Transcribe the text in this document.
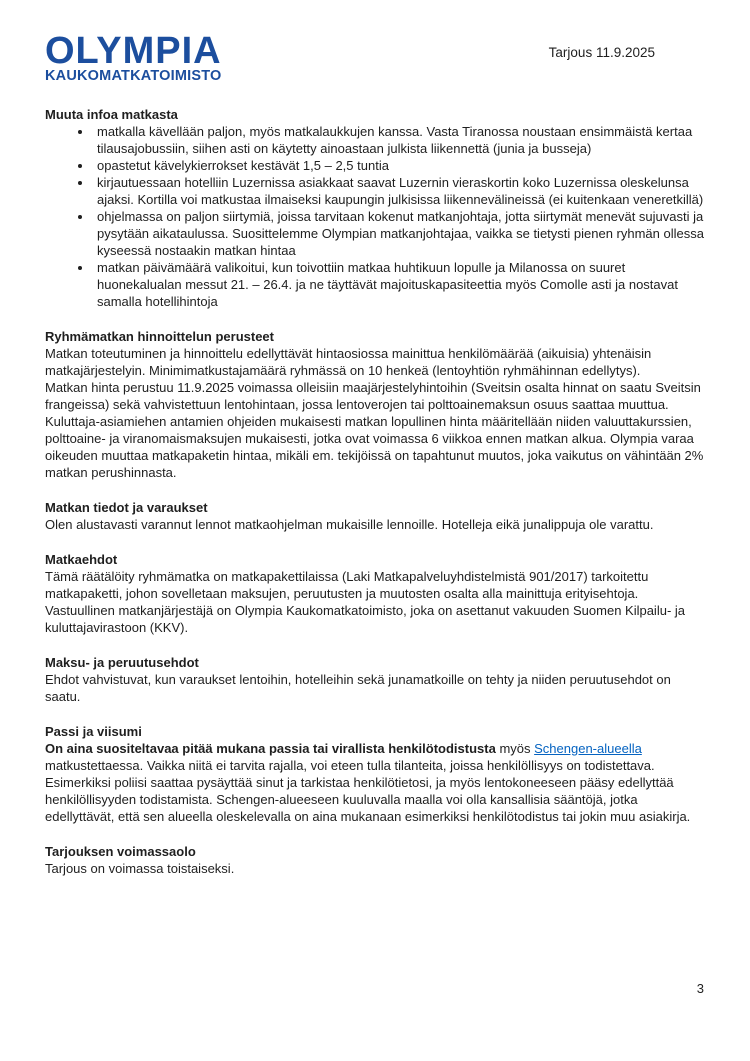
OLYMPIA
KAUKOMATKATOIMISTO
Tarjous 11.9.2025
Muuta infoa matkasta
• matkalla kävellään paljon, myös matkalaukkujen kanssa. Vasta Tiranossa noustaan ensimmäistä kertaa tilausajobussiin, siihen asti on käytetty ainoastaan julkista liikennettä (junia ja busseja)
• opastetut kävelykierrokset kestävät 1,5 – 2,5 tuntia
• kirjautuessaan hotelliin Luzernissa asiakkaat saavat Luzernin vieraskortin koko Luzernissa oleskelunsa ajaksi. Kortilla voi matkustaa ilmaiseksi kaupungin julkisissa liikennevälineissä (ei kuitenkaan veneretkillä)
• ohjelmassa on paljon siirtymiä, joissa tarvitaan kokenut matkanjohtaja, jotta siirtymät menevät sujuvasti ja pysytään aikataulussa. Suosittelemme Olympian matkanjohtajaa, vaikka se tietysti pienen ryhmän ollessa kyseessä nostaakin matkan hintaa
• matkan päivämäärä valikoitui, kun toivottiin matkaa huhtikuun lopulle ja Milanossa on suuret huonekalualan messut 21. – 26.4. ja ne täyttävät majoituskapasiteettia myös Comolle asti ja nostavat samalla hotellihintoja
Ryhmämatkan hinnoittelun perusteet

Matkan toteutuminen ja hinnoittelu edellyttävät hintaosiossa mainittua henkilömäärää (aikuisia) yhtenäisin matkajärjestelyin. Minimimatkustajamäärä ryhmässä on 10 henkeä (lentoyhtiön ryhmähinnan edellytys).

Matkan hinta perustuu 11.9.2025 voimassa olleisiin maajärjestelyhintoihin (Sveitsin osalta hinnat on saatu Sveitsin frangeissa) sekä vahvistettuun lentohintaan, jossa lentoverojen tai polttoainemaksun osuus saattaa muuttua.

Kuluttaja-asiamiehen antamien ohjeiden mukaisesti matkan lopullinen hinta määritellään niiden valuuttakurssien, polttoaine- ja viranomaismaksujen mukaisesti, jotka ovat voimassa 6 viikkoa ennen matkan alkua. Olympia varaa oikeuden muuttaa matkapaketin hintaa, mikäli em. tekijöissä on tapahtunut muutos, joka vaikutus on vähintään 2% matkan perushinnasta.

Matkan tiedot ja varaukset

Olen alustavasti varannut lennot matkaohjelman mukaisille lennoille. Hotelleja eikä junalippuja ole varattu.

Matkaehdot

Tämä räätälöity ryhmämatka on matkapakettilaissa (Laki Matkapalveluyhdistelmistä 901/2017) tarkoitettu matkapaketti, johon sovelletaan maksujen, peruutusten ja muutosten osalta alla mainittuja erityisehtoja. Vastuullinen matkanjärjestäjä on Olympia Kaukomatkatoimisto, joka on asettanut vakuuden Suomen Kilpailu- ja kuluttajavirastoon (KKV).

Maksu- ja peruutusehdot

Ehdot vahvistuvat, kun varaukset lentoihin, hotelleihin sekä junamatkoille on tehty ja niiden peruutusehdot on saatu.

Passi ja viisumi

On aina suositeltavaa pitää mukana passia tai virallista henkilötodistusta myös Schengen-alueella matkustettaessa. Vaikka niitä ei tarvita rajalla, voi eteen tulla tilanteita, joissa henkilöllisyys on todistettava. Esimerkiksi poliisi saattaa pysäyttää sinut ja tarkistaa henkilötietosi, ja myös lentokoneeseen pääsy edellyttää henkilöllisyyden todistamista. Schengen-alueeseen kuuluvalla maalla voi olla kansallisia sääntöjä, jotka edellyttävät, että sen alueella oleskelevalla on aina mukanaan esimerkiksi henkilötodistus tai jokin muu asiakirja.

Tarjouksen voimassaolo

Tarjous on voimassa toistaiseksi.

3
